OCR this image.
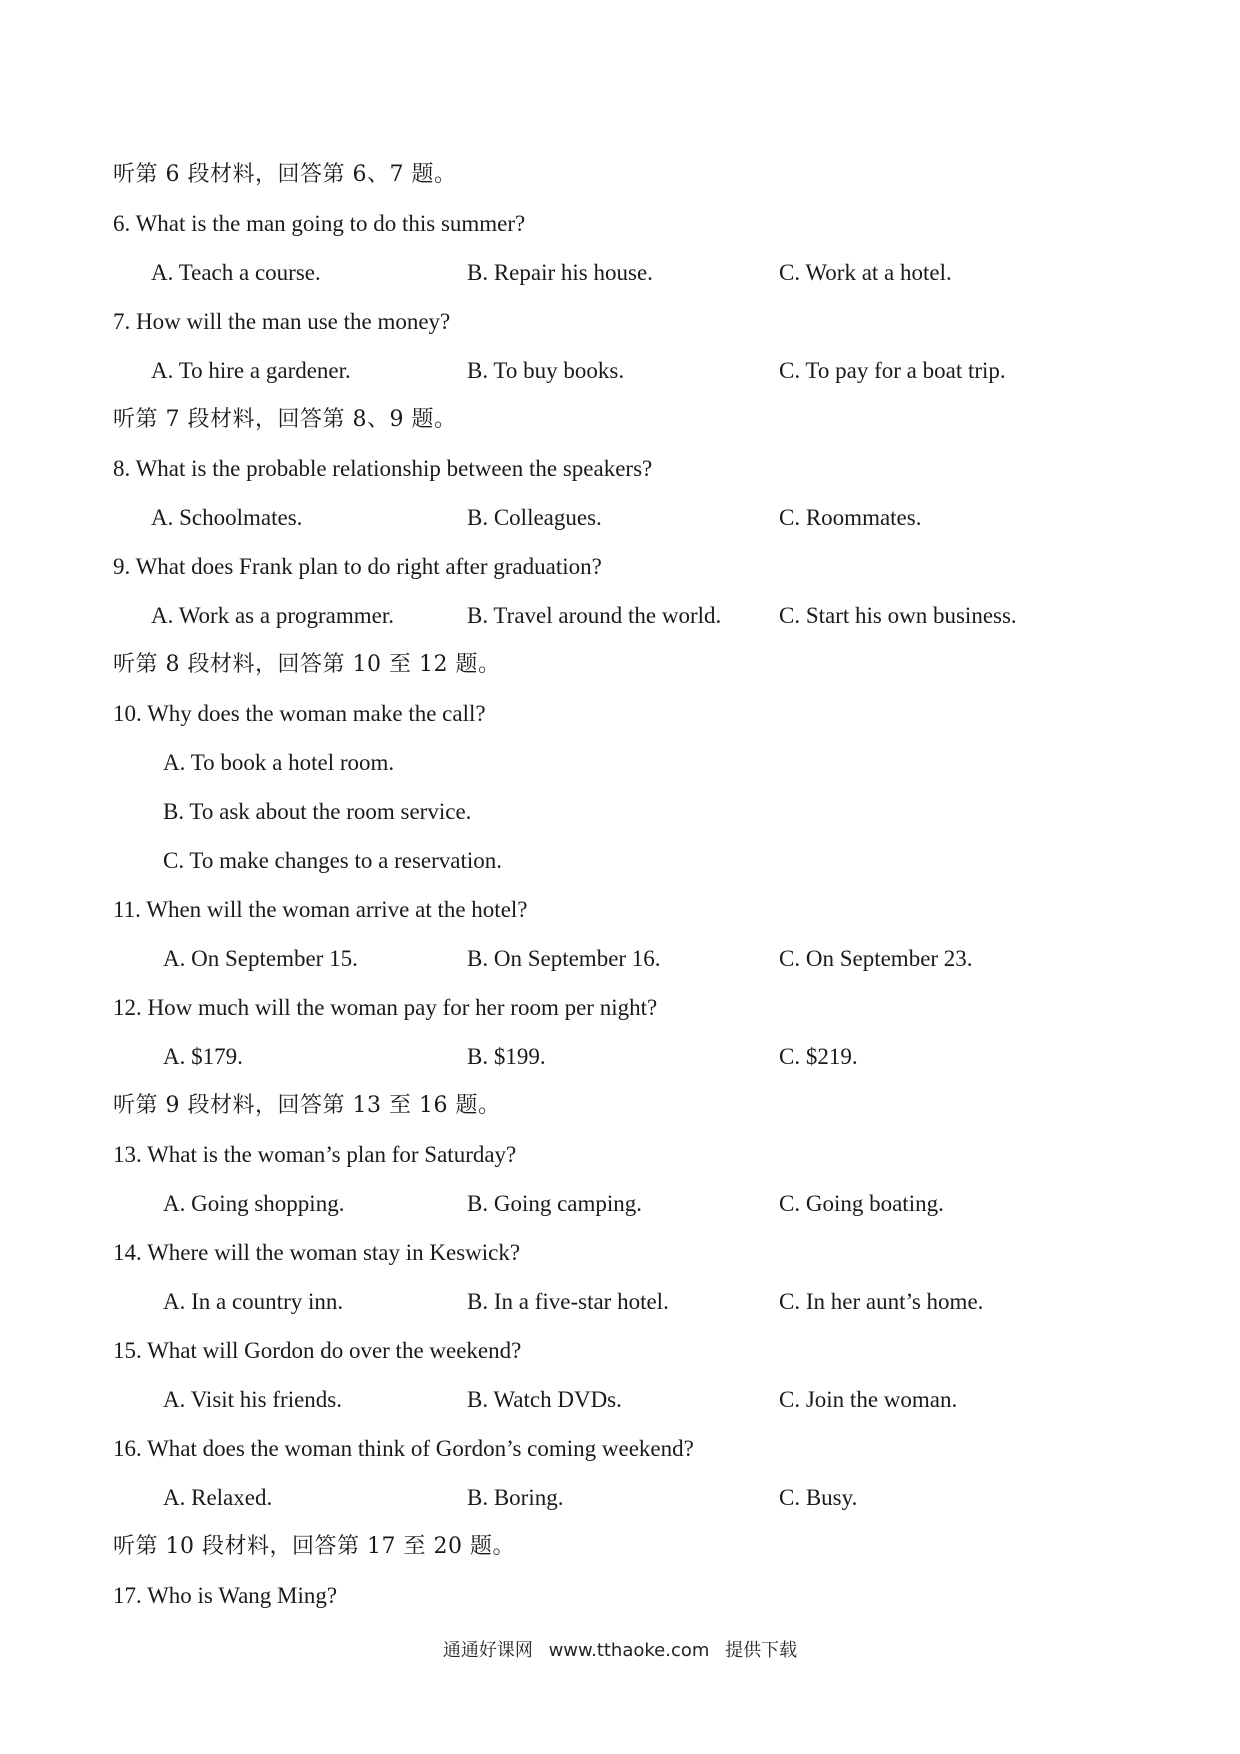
听第 6 段材料，回答第 6、7 题。
6. What is the man going to do this summer?
A. Teach a course.	B. Repair his house.	C. Work at a hotel.
7. How will the man use the money?
A. To hire a gardener.	B. To buy books.	C. To pay for a boat trip.
听第 7 段材料，回答第 8、9 题。
8. What is the probable relationship between the speakers?
A. Schoolmates.	B. Colleagues.	C. Roommates.
9. What does Frank plan to do right after graduation?
A. Work as a programmer.	B. Travel around the world.	C. Start his own business.
听第 8 段材料，回答第 10 至 12 题。
10. Why does the woman make the call?
A. To book a hotel room.
B. To ask about the room service.
C. To make changes to a reservation.
11. When will the woman arrive at the hotel?
A. On September 15.	B. On September 16.	C. On September 23.
12. How much will the woman pay for her room per night?
A. $179.	B. $199.	C. $219.
听第 9 段材料，回答第 13 至 16 题。
13. What is the woman’s plan for Saturday?
A. Going shopping.	B. Going camping.	C. Going boating.
14. Where will the woman stay in Keswick?
A. In a country inn.	B. In a five-star hotel.	C. In her aunt’s home.
15. What will Gordon do over the weekend?
A. Visit his friends.	B. Watch DVDs.	C. Join the woman.
16. What does the woman think of Gordon’s coming weekend?
A. Relaxed.	B. Boring.	C. Busy.
听第 10 段材料，回答第 17 至 20 题。
17. Who is Wang Ming?
通通好课网 www.tthaoke.com 提供下载
